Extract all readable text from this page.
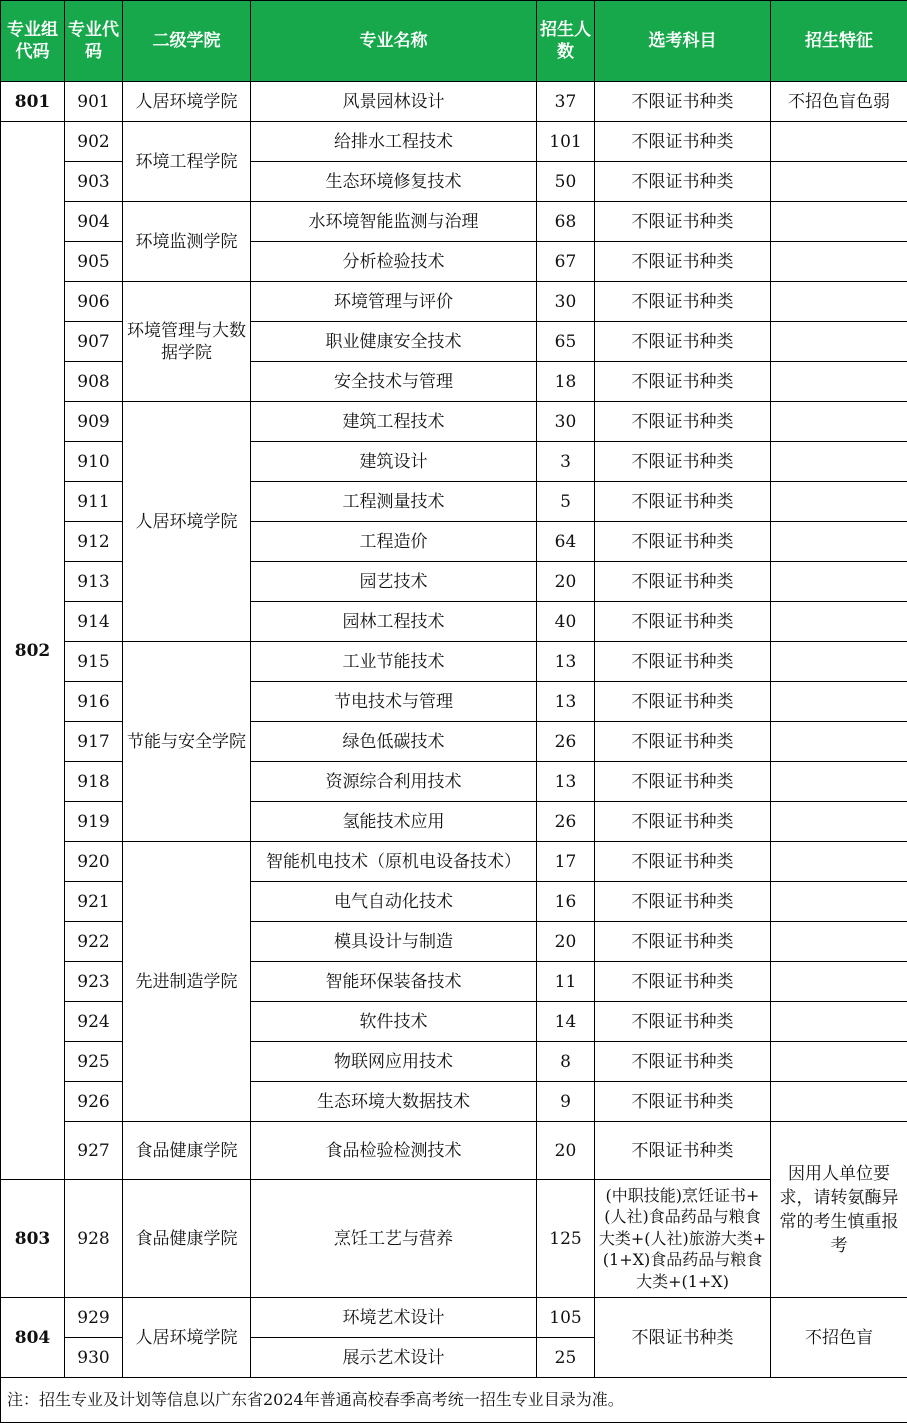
专业组代码	专业代码	二级学院	专业名称	招生人数	选考科目	招生特征
801	901	人居环境学院	风景园林设计	37	不限证书种类	不招色盲色弱
802	902	环境工程学院	给排水工程技术	101	不限证书种类	
	903		生态环境修复技术	50	不限证书种类	
	904	环境监测学院	水环境智能监测与治理	68	不限证书种类	
	905		分析检验技术	67	不限证书种类	
	906	环境管理与大数据学院	环境管理与评价	30	不限证书种类	
	907		职业健康安全技术	65	不限证书种类	
	908		安全技术与管理	18	不限证书种类	
	909	人居环境学院	建筑工程技术	30	不限证书种类	
	910		建筑设计	3	不限证书种类	
	911		工程测量技术	5	不限证书种类	
	912		工程造价	64	不限证书种类	
	913		园艺技术	20	不限证书种类	
	914		园林工程技术	40	不限证书种类	
	915	节能与安全学院	工业节能技术	13	不限证书种类	
	916		节电技术与管理	13	不限证书种类	
	917		绿色低碳技术	26	不限证书种类	
	918		资源综合利用技术	13	不限证书种类	
	919		氢能技术应用	26	不限证书种类	
	920	先进制造学院	智能机电技术（原机电设备技术）	17	不限证书种类	
	921		电气自动化技术	16	不限证书种类	
	922		模具设计与制造	20	不限证书种类	
	923		智能环保装备技术	11	不限证书种类	
	924		软件技术	14	不限证书种类	
	925		物联网应用技术	8	不限证书种类	
	926		生态环境大数据技术	9	不限证书种类	
	927	食品健康学院	食品检验检测技术	20	不限证书种类	因用人单位要求，请转氨酶异常的考生慎重报考
803	928	食品健康学院	烹饪工艺与营养	125	(中职技能)烹饪证书+(人社)食品药品与粮食大类+(人社)旅游大类+(1+X)食品药品与粮食大类+(1+X)	
804	929	人居环境学院	环境艺术设计	105	不限证书种类	不招色盲
	930		展示艺术设计	25		
注：招生专业及计划等信息以广东省2024年普通高校春季高考统一招生专业目录为准。						
